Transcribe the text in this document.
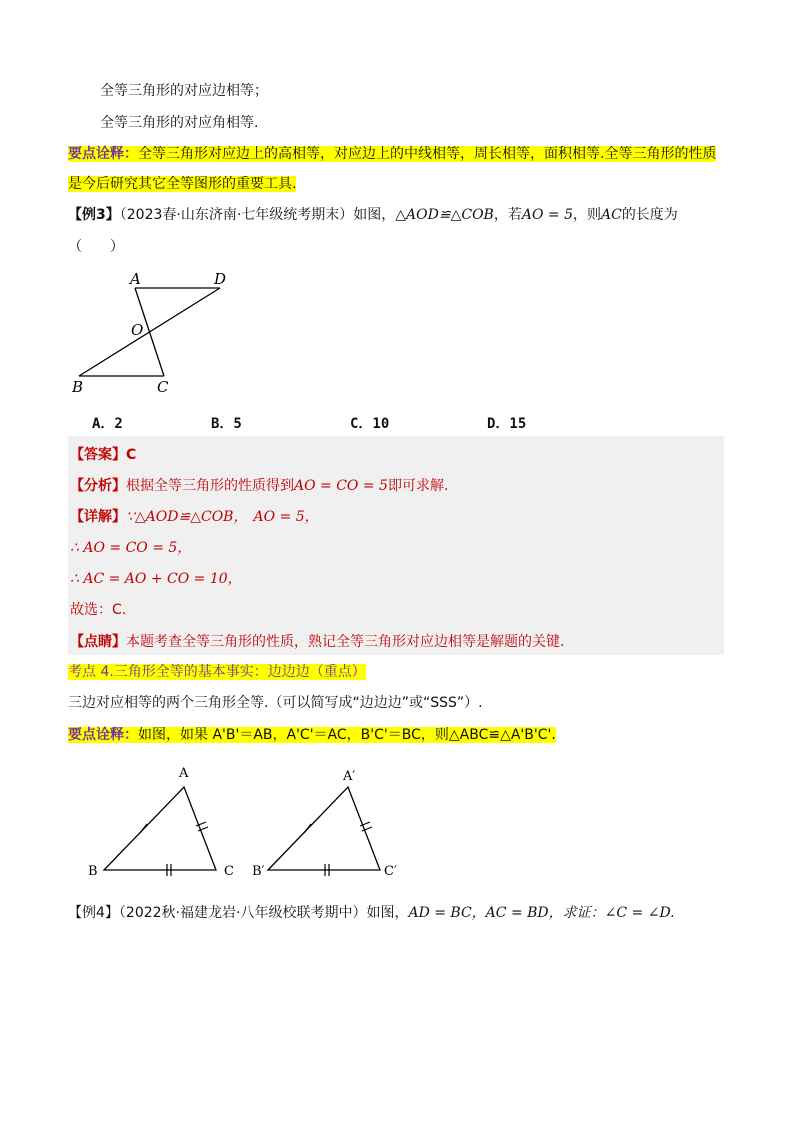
全等三角形的对应边相等；
全等三角形的对应角相等.
要点诠释：全等三角形对应边上的高相等，对应边上的中线相等，周长相等，面积相等.全等三角形的性质
是今后研究其它全等图形的重要工具.
【例3】（2023春·山东济南·七年级统考期末）如图，△AOD≌△COB，若AO = 5，则AC的长度为
（　　）
A	D
O
B	C
A．2	B．5	C．10	D．15
【答案】C
【分析】根据全等三角形的性质得到AO = CO = 5即可求解.
【详解】∵△AOD≌△COB， AO = 5，
∴ AO = CO = 5，
∴ AC = AO + CO = 10，
故选：C.
【点睛】本题考查全等三角形的性质，熟记全等三角形对应边相等是解题的关键.
考点 4.三角形全等的基本事实：边边边（重点）
三边对应相等的两个三角形全等.（可以简写成“边边边”或“SSS”）.
要点诠释：如图，如果 A'B'＝AB，A'C'＝AC，B'C'＝BC，则△ABC≌△A'B'C'.
A
B	C
A′
B′	C′
【例4】（2022秋·福建龙岩·八年级校联考期中）如图，AD = BC，AC = BD，求证：∠C = ∠D.
